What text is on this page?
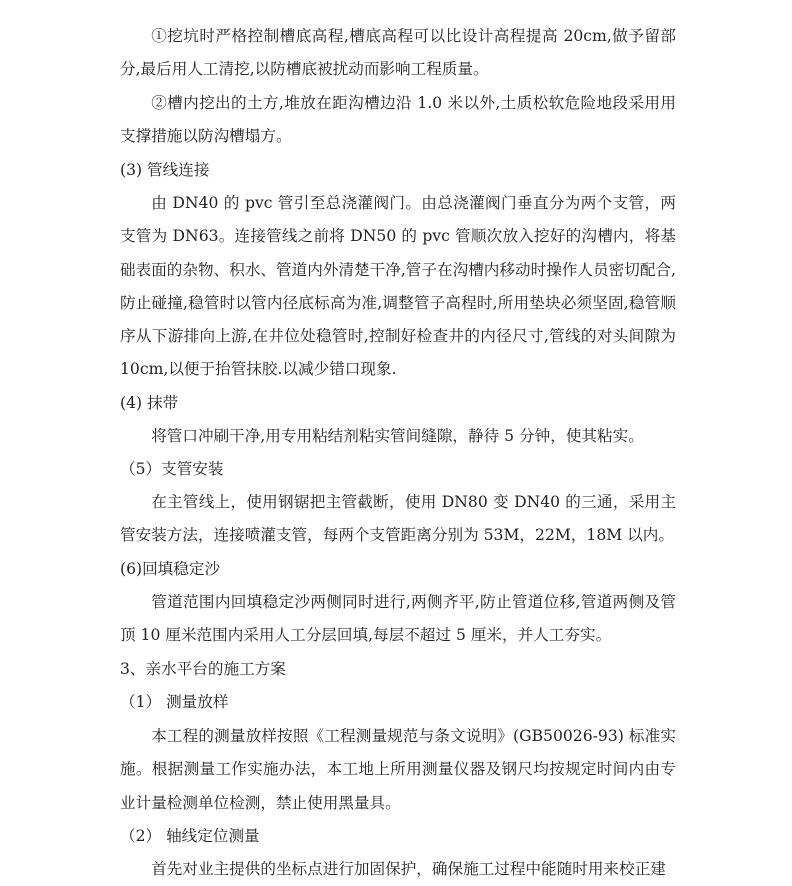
①挖坑时严格控制槽底高程,槽底高程可以比设计高程提高 20cm,做予留部分,最后用人工清挖,以防槽底被扰动而影响工程质量。

②槽内挖出的土方,堆放在距沟槽边沿 1.0 米以外,土质松软危险地段采用用支撑措施以防沟槽塌方。

(3) 管线连接

由 DN40 的 pvc 管引至总浇灌阀门。由总浇灌阀门垂直分为两个支管，两支管为 DN63。连接管线之前将 DN50 的 pvc 管顺次放入挖好的沟槽内，将基础表面的杂物、积水、管道内外清楚干净,管子在沟槽内移动时操作人员密切配合,防止碰撞,稳管时以管内径底标高为准,调整管子高程时,所用垫块必须坚固,稳管顺序从下游排向上游,在井位处稳管时,控制好检查井的内径尺寸,管线的对头间隙为 10cm,以便于抬管抹胶.以减少错口现象.

(4) 抹带

将管口冲刷干净,用专用粘结剂粘实管间缝隙，静待 5 分钟，使其粘实。

（5）支管安装

在主管线上，使用钢锯把主管截断，使用 DN80 变 DN40 的三通，采用主管安装方法，连接喷灌支管，每两个支管距离分别为 53M，22M，18M 以内。

(6)回填稳定沙

管道范围内回填稳定沙两侧同时进行,两侧齐平,防止管道位移,管道两侧及管顶 10 厘米范围内采用人工分层回填,每层不超过 5 厘米，并人工夯实。

3、亲水平台的施工方案

（1） 测量放样

本工程的测量放样按照《工程测量规范与条文说明》(GB50026-93) 标准实施。根据测量工作实施办法，本工地上所用测量仪器及钢尺均按规定时间内由专业计量检测单位检测，禁止使用黑量具。

（2） 轴线定位测量

首先对业主提供的坐标点进行加固保护，确保施工过程中能随时用来校正建
